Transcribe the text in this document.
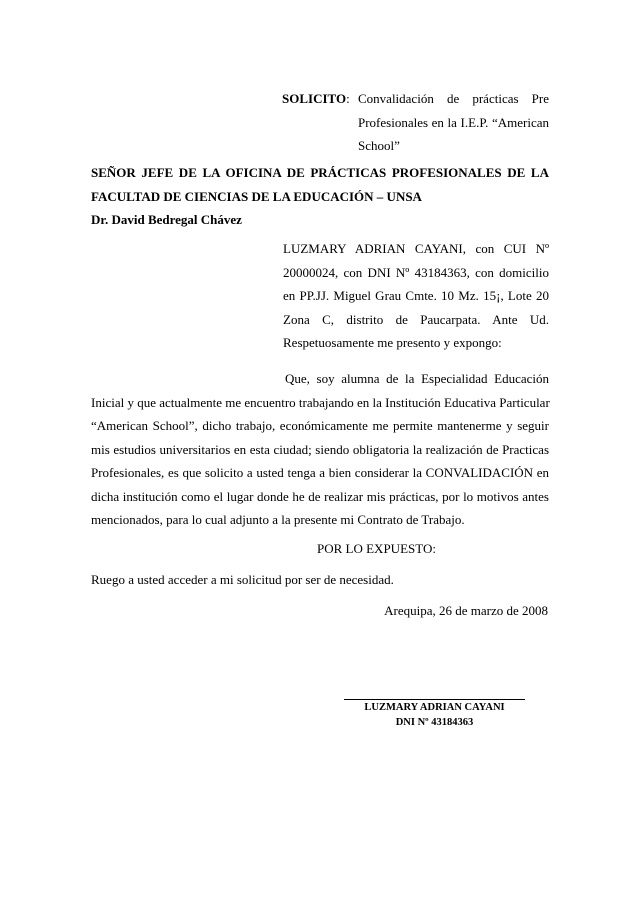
SOLICITO: Convalidación de prácticas Pre
Profesionales en la I.E.P. “American
School”
SEÑOR JEFE DE LA OFICINA DE PRÁCTICAS PROFESIONALES DE LA
FACULTAD DE CIENCIAS DE LA EDUCACIÓN – UNSA
Dr. David Bedregal Chávez
LUZMARY ADRIAN CAYANI, con CUI Nº
20000024, con DNI Nº 43184363, con domicilio
en PP.JJ. Miguel Grau Cmte. 10 Mz. 15¡, Lote 20
Zona C, distrito de Paucarpata. Ante Ud.
Respetuosamente me presento y expongo:
Que, soy alumna de la Especialidad Educación
Inicial y que actualmente me encuentro trabajando en la Institución Educativa Particular
“American School”, dicho trabajo, económicamente me permite mantenerme y seguir
mis estudios universitarios en esta ciudad; siendo obligatoria la realización de Practicas
Profesionales, es que solicito a usted tenga a bien considerar la CONVALIDACIÓN en
dicha institución como el lugar donde he de realizar mis prácticas, por lo motivos antes
mencionados, para lo cual adjunto a la presente mi Contrato de Trabajo.
POR LO EXPUESTO:
Ruego a usted acceder a mi solicitud por ser de necesidad.
Arequipa, 26 de marzo de 2008
LUZMARY ADRIAN CAYANI
DNI Nº 43184363
